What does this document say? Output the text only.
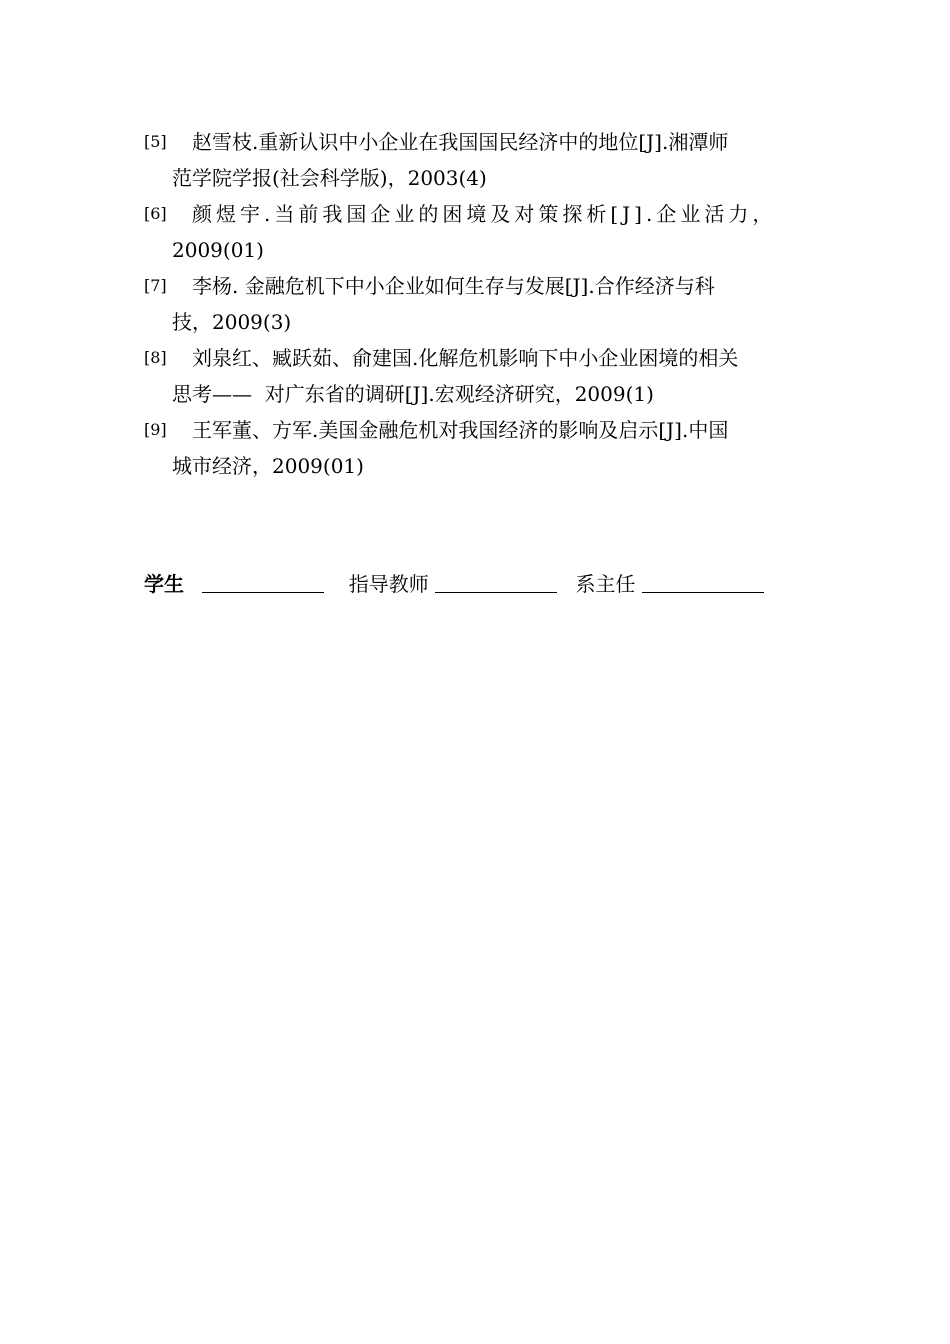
[5]	赵雪枝.重新认识中小企业在我国国民经济中的地位[J].湘潭师
范学院学报(社会科学版)，2003(4)
[6]	颜煜宇.当前我国企业的困境及对策探析[J].企业活力，
2009(01)
[7]	李杨. 金融危机下中小企业如何生存与发展[J].合作经济与科
技，2009(3)
[8]	刘泉红、臧跃茹、俞建国.化解危机影响下中小企业困境的相关
思考——  对广东省的调研[J].宏观经济研究，2009(1)
[9]	王军董、方军.美国金融危机对我国经济的影响及启示[J].中国
城市经济，2009(01)
学生	指导教师	系主任
